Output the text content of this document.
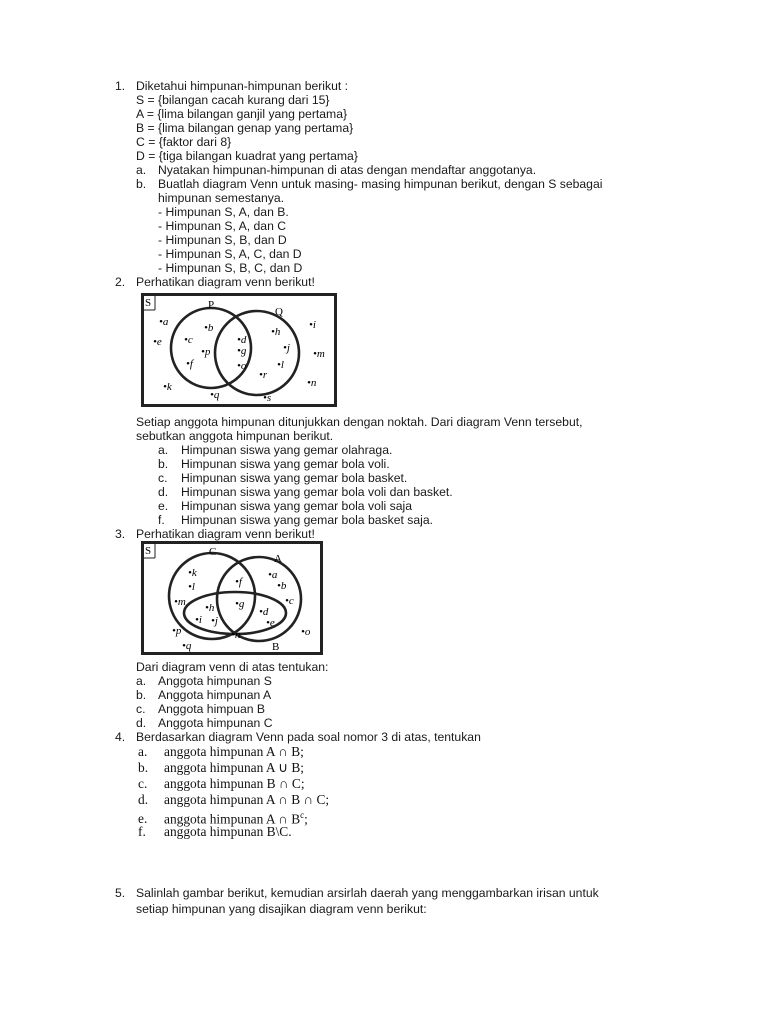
1. Diketahui himpunan-himpunan berikut :
S = {bilangan cacah kurang dari 15}
A = {lima bilangan ganjil yang pertama}
B = {lima bilangan genap yang pertama}
C = {faktor dari 8}
D = {tiga bilangan kuadrat yang pertama}
a. Nyatakan himpunan-himpunan di atas dengan mendaftar anggotanya.
b. Buatlah diagram Venn untuk masing- masing himpunan berikut, dengan S sebagai
himpunan semestanya.
- Himpunan S, A, dan B.
- Himpunan S, A, dan C
- Himpunan S, B, dan D
- Himpunan S, A, C, dan D
- Himpunan S, B, C, dan D
2. Perhatikan diagram venn berikut!
S	P
Q
•a
•e
•b
•c
•p
•f
•k
•d
•g
•o
•h
•j
•l
•r
•i
•m
•n
•s
•q
Setiap anggota himpunan ditunjukkan dengan noktah. Dari diagram Venn tersebut,
sebutkan anggota himpunan berikut.
a. Himpunan siswa yang gemar olahraga.
b. Himpunan siswa yang gemar bola voli.
c. Himpunan siswa yang gemar bola basket.
d. Himpunan siswa yang gemar bola voli dan basket.
e. Himpunan siswa yang gemar bola voli saja
f. Himpunan siswa yang gemar bola basket saja.
3. Perhatikan diagram venn berikut!
S	C
A
B
•k
•l
•m
•f
•a
•b
•c
•h •g
•i •j
•d
•e
•p
•q
•n	•o
Dari diagram venn di atas tentukan:
a. Anggota himpunan S
b. Anggota himpunan A
c. Anggota himpuan B
d. Anggota himpunan C
4. Berdasarkan diagram Venn pada soal nomor 3 di atas, tentukan
a. anggota himpunan A ∩ B;
b. anggota himpunan A ∪ B;
c. anggota himpunan B ∩ C;
d. anggota himpunan A ∩ B ∩ C;
e. anggota himpunan A ∩ $B^c$;
f. anggota himpunan B\C.
5. Salinlah gambar berikut, kemudian arsirlah daerah yang menggambarkan irisan untuk
setiap himpunan yang disajikan diagram venn berikut:
